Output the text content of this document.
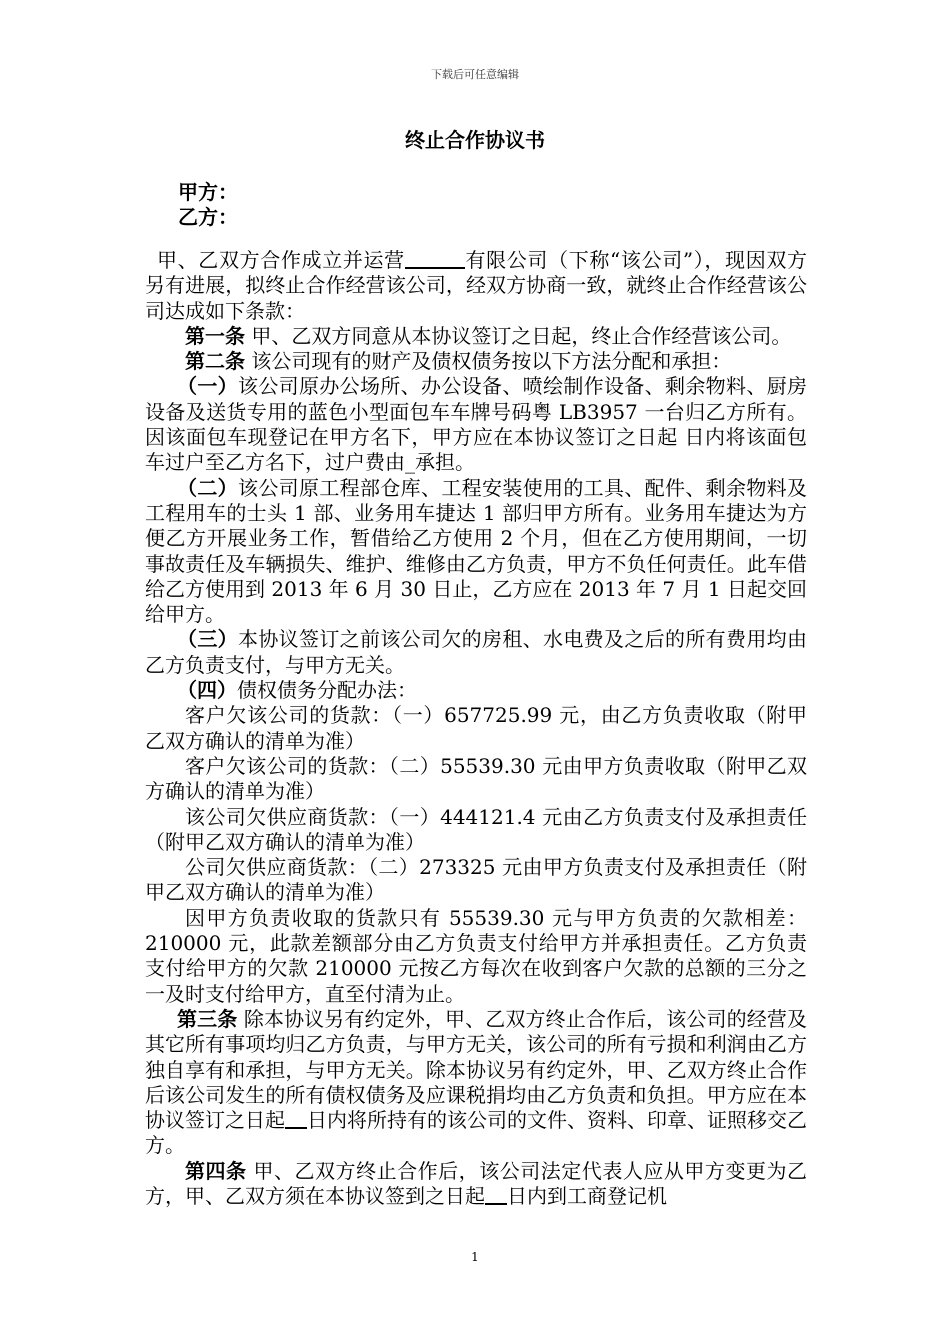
下载后可任意编辑
终止合作协议书
甲方：
乙方：

甲、乙双方合作成立并运营	有限公司（下称“该公司”），现因双方另有进展，拟终止合作经营该公司，经双方协商一致，就终止合作经营该公司达成如下条款：

第一条 甲、乙双方同意从本协议签订之日起，终止合作经营该公司。

第二条 该公司现有的财产及债权债务按以下方法分配和承担：

（一）该公司原办公场所、办公设备、喷绘制作设备、剩余物料、厨房设备及送货专用的蓝色小型面包车车牌号码粤 LB3957 一台归乙方所有。因该面包车现登记在甲方名下，甲方应在本协议签订之日起 日内将该面包车过户至乙方名下，过户费由_承担。

（二）该公司原工程部仓库、工程安装使用的工具、配件、剩余物料及工程用车的士头 1 部、业务用车捷达 1 部归甲方所有。业务用车捷达为方便乙方开展业务工作，暂借给乙方使用 2 个月，但在乙方使用期间，一切事故责任及车辆损失、维护、维修由乙方负责，甲方不负任何责任。此车借给乙方使用到 2013 年 6 月 30 日止，乙方应在 2013 年 7 月 1 日起交回给甲方。

（三）本协议签订之前该公司欠的房租、水电费及之后的所有费用均由乙方负责支付，与甲方无关。

（四）债权债务分配办法：

客户欠该公司的货款：（一）657725.99 元，由乙方负责收取（附甲乙双方确认的清单为准）

客户欠该公司的货款：（二）55539.30 元由甲方负责收取（附甲乙双方确认的清单为准）

该公司欠供应商货款：（一）444121.4 元由乙方负责支付及承担责任（附甲乙双方确认的清单为准）

公司欠供应商货款：（二）273325 元由甲方负责支付及承担责任（附甲乙双方确认的清单为准）

因甲方负责收取的货款只有 55539.30 元与甲方负责的欠款相差：210000 元，此款差额部分由乙方负责支付给甲方并承担责任。乙方负责支付给甲方的欠款 210000 元按乙方每次在收到客户欠款的总额的三分之一及时支付给甲方，直至付清为止。

第三条 除本协议另有约定外，甲、乙双方终止合作后，该公司的经营及其它所有事项均归乙方负责，与甲方无关，该公司的所有亏损和利润由乙方独自享有和承担，与甲方无关。除本协议另有约定外，甲、乙双方终止合作后该公司发生的所有债权债务及应课税捐均由乙方负责和负担。甲方应在本协议签订之日起 日内将所持有的该公司的文件、资料、印章、证照移交乙方。

第四条 甲、乙双方终止合作后，该公司法定代表人应从甲方变更为乙方，甲、乙双方须在本协议签到之日起 日内到工商登记机

1
